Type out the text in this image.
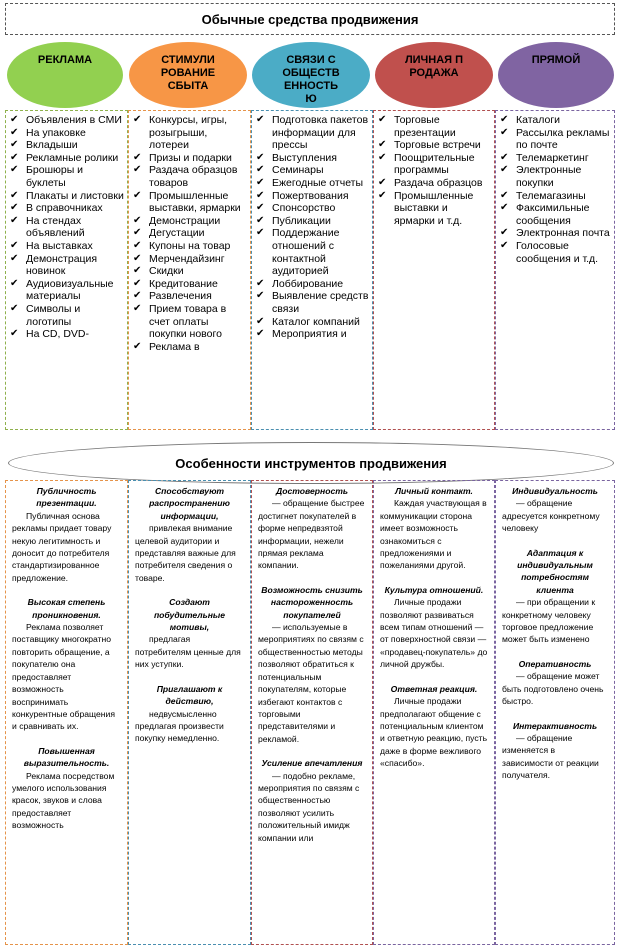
Обычные средства продвижения
РЕКЛАМА	СТИМУЛИРОВАНИЕ СБЫТА
СВЯЗИ С ОБЩЕСТВЕННОСТЬЮ
ЛИЧНАЯ ПРОДАЖА
ПРЯМОЙ
✔ Объявления в СМИ
✔ На упаковке
✔ Вкладыши
✔ Рекламные ролики
✔ Брошюры и буклеты
✔ Плакаты и листовки
✔ В справочниках
✔ На стендах объявлений
✔ На выставках
✔ Демонстрация новинок
✔ Аудиовизуальные материалы
✔ Символы и логотипы
✔ На CD, DVD-
✔ Конкурсы, игры, розыгрыши, лотереи
✔ Призы и подарки
✔ Раздача образцов товаров
✔ Промышленные выставки, ярмарки
✔ Демонстрации
✔ Дегустации
✔ Купоны на товар
✔ Мерчендайзинг
✔ Скидки
✔ Кредитование
✔ Развлечения
✔ Прием товара в счет оплаты покупки нового
✔ Реклама в
✔ Подготовка пакетов информации для прессы
✔ Выступления
✔ Семинары
✔ Ежегодные отчеты
✔ Пожертвования
✔ Спонсорство
✔ Публикации
✔ Поддержание отношений с контактной аудиторией
✔ Лоббирование
✔ Выявление средств связи
✔ Каталог компаний
✔ Мероприятия и
✔ Торговые презентации
✔ Торговые встречи
✔ Поощрительные программы
✔ Раздача образцов
✔ Промышленные выставки и ярмарки и т.д.
✔ Каталоги
✔ Рассылка рекламы по почте
✔ Телемаркетинг
✔ Электронные покупки
✔ Телемагазины
✔ Факсимильные сообщения
✔ Электронная почта
✔ Голосовые сообщения и т.д.
Особенности инструментов продвижения
Публичность презентации.
Публичная основа рекламы придает товару некую легитимность и доносит до потребителя стандартизированное предложение.
Высокая степень проникновения.
Реклама позволяет поставщику многократно повторить обращение, а покупателю она предоставляет возможность воспринимать конкурентные обращения и сравнивать их.
Повышенная выразительность.
Реклама посредством умелого использования красок, звуков и слова предоставляет возможность
Способствуют распространению информации,
привлекая внимание целевой аудитории и представляя важные для потребителя сведения о товаре.
Создают побудительные мотивы,
предлагая потребителям ценные для них уступки.
Приглашают к действию,
недвусмысленно предлагая произвести покупку немедленно.
Достоверность
— обращение быстрее достигнет покупателей в форме непредвзятой информации, нежели прямая реклама компании.
Возможность снизить настороженность покупателей
— используемые в мероприятиях по связям с общественностью методы позволяют обратиться к потенциальным покупателям, которые избегают контактов с торговыми представителями и рекламой.
Усиление впечатления
— подобно рекламе, мероприятия по связям с общественностью позволяют усилить положительный имидж компании или
Личный контакт.
Каждая участвующая в коммуникации сторона имеет возможность ознакомиться с предложениями и пожеланиями другой.
Культура отношений.
Личные продажи позволяют развиваться всем типам отношений — от поверхностной связи — «продавец-покупатель» до личной дружбы.
Ответная реакция.
Личные продажи предполагают общение с потенциальным клиентом и ответную реакцию, пусть даже в форме вежливого «спасибо».
Индивидуальность
— обращение адресуется конкретному человеку
Адаптация к индивидуальным потребностям клиента
— при обращении к конкретному человеку торговое предложение может быть изменено
Оперативность
— обращение может быть подготовлено очень быстро.
Интерактивность
— обращение изменяется в зависимости от реакции получателя.
